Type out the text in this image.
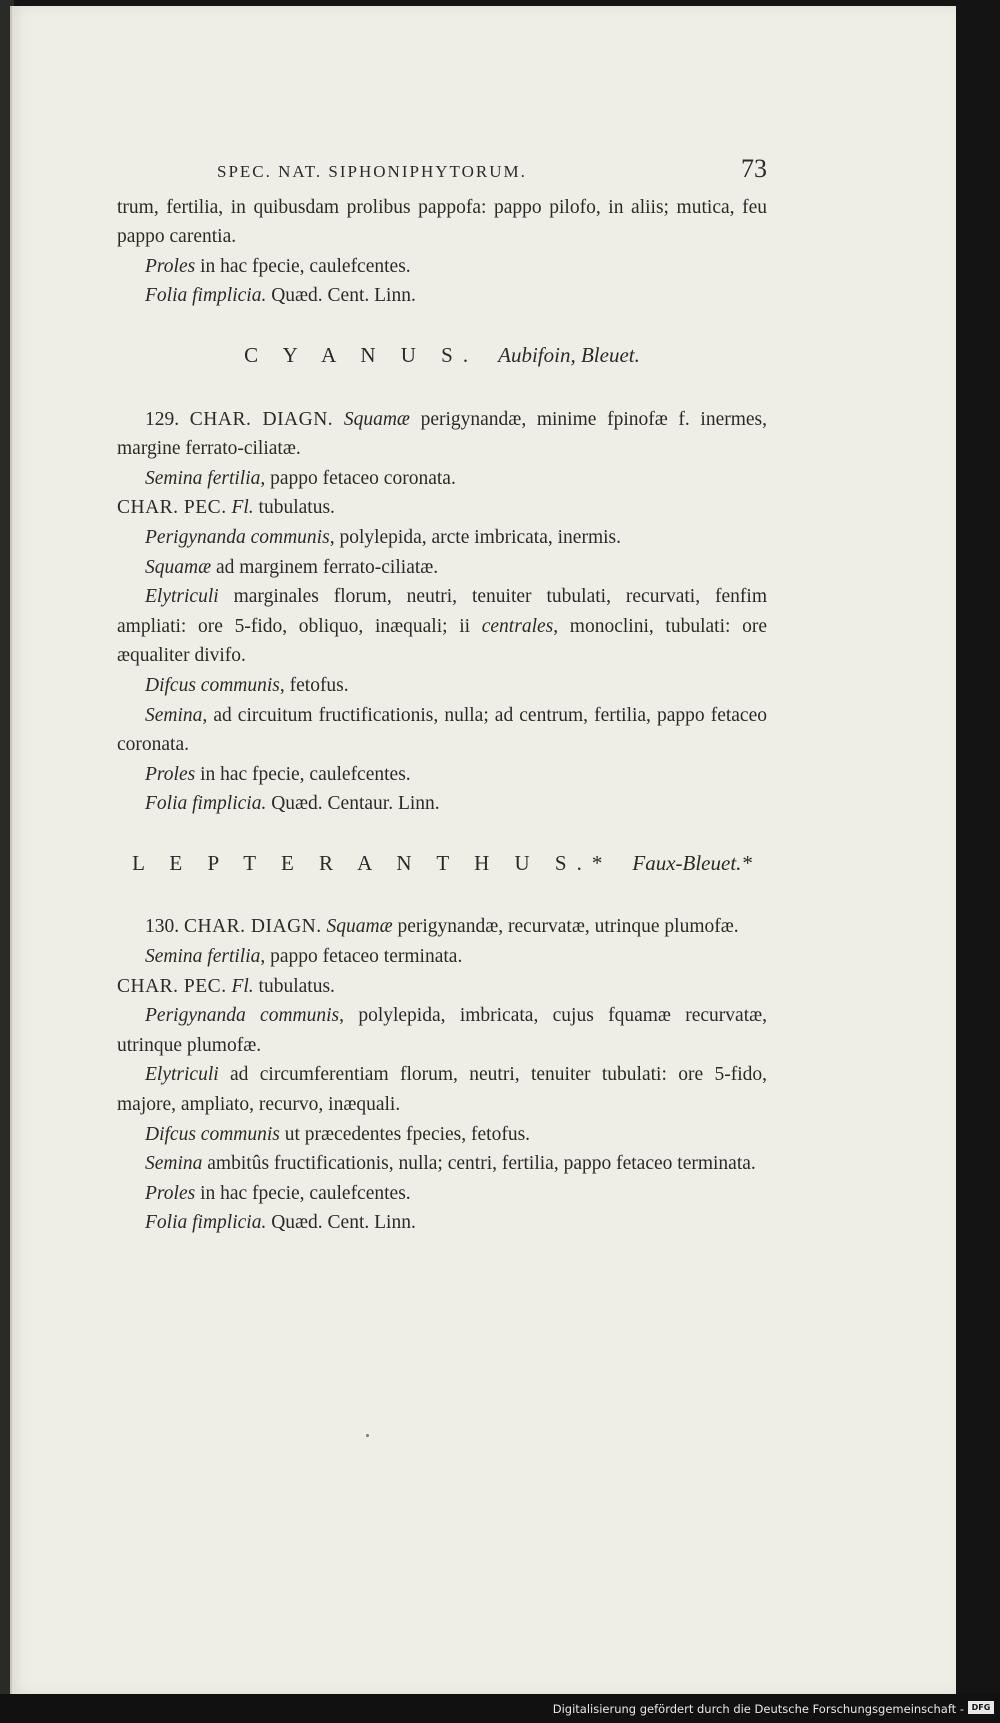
SPEC. NAT. SIPHONIPHYTORUM.	73

trum, fertilia, in quibusdam prolibus pappofa: pappo pilofo, in aliis; mutica, feu pappo carentia.

Proles in hac fpecie, caulefcentes.

Folia fimplicia. Quæd. Cent. Linn.

C Y A N U S. Aubifoin, Bleuet.

129. CHAR. DIAGN. Squamæ perigynandæ, minime fpinofæ f. inermes, margine ferrato-ciliatæ.

Semina fertilia, pappo fetaceo coronata.

CHAR. PEC. Fl. tubulatus.

Perigynanda communis, polylepida, arcte imbricata, inermis.

Squamæ ad marginem ferrato-ciliatæ.

Elytriculi marginales florum, neutri, tenuiter tubulati, recurvati, fenfim ampliati: ore 5-fido, obliquo, inæquali; ii centrales, monoclini, tubulati: ore æqualiter divifo.

Difcus communis, fetofus.

Semina, ad circuitum fructificationis, nulla; ad centrum, fertilia, pappo fetaceo coronata.

Proles in hac fpecie, caulefcentes.

Folia fimplicia. Quæd. Centaur. Linn.

L E P T E R A N T H U S.* Faux-Bleuet.*

130. CHAR. DIAGN. Squamæ perigynandæ, recurvatæ, utrinque plumofæ.

Semina fertilia, pappo fetaceo terminata.

CHAR. PEC. Fl. tubulatus.

Perigynanda communis, polylepida, imbricata, cujus fquamæ recurvatæ, utrinque plumofæ.

Elytriculi ad circumferentiam florum, neutri, tenuiter tubulati: ore 5-fido, majore, ampliato, recurvo, inæquali.

Difcus communis ut præcedentes fpecies, fetofus.

Semina ambitûs fructificationis, nulla; centri, fertilia, pappo fetaceo terminata.

Proles in hac fpecie, caulefcentes.

Folia fimplicia. Quæd. Cent. Linn.

Digitalisierung gefördert durch die Deutsche Forschungsgemeinschaft - DFG
